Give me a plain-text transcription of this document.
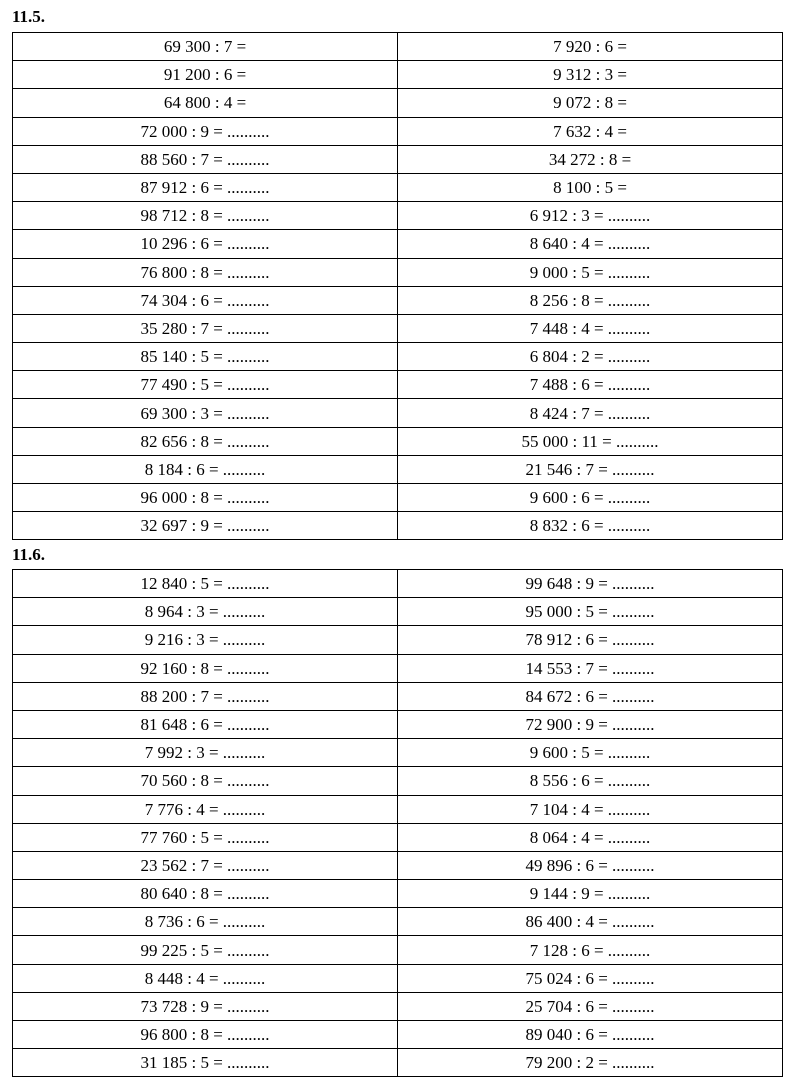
11.5.
69 300 : 7 =	7 920 : 6 =
91 200 : 6 =	9 312 : 3 =
64 800 : 4 =	9 072 : 8 =
72 000 : 9 = ..........	7 632 : 4 =
88 560 : 7 = ..........	34 272 : 8 =
87 912 : 6 = ..........	8 100 : 5 =
98 712 : 8 = ..........	6 912 : 3 = ..........
10 296 : 6 = ..........	8 640 : 4 = ..........
76 800 : 8 = ..........	9 000 : 5 = ..........
74 304 : 6 = ..........	8 256 : 8 = ..........
35 280 : 7 = ..........	7 448 : 4 = ..........
85 140 : 5 = ..........	6 804 : 2 = ..........
77 490 : 5 = ..........	7 488 : 6 = ..........
69 300 : 3 = ..........	8 424 : 7 = ..........
82 656 : 8 = ..........	55 000 : 11 = ..........
8 184 : 6 = ..........	21 546 : 7 = ..........
96 000 : 8 = ..........	9 600 : 6 = ..........
32 697 : 9 = ..........	8 832 : 6 = ..........
11.6.
12 840 : 5 = ..........	99 648 : 9 = ..........
8 964 : 3 = ..........	95 000 : 5 = ..........
9 216 : 3 = ..........	78 912 : 6 = ..........
92 160 : 8 = ..........	14 553 : 7 = ..........
88 200 : 7 = ..........	84 672 : 6 = ..........
81 648 : 6 = ..........	72 900 : 9 = ..........
7 992 : 3 = ..........	9 600 : 5 = ..........
70 560 : 8 = ..........	8 556 : 6 = ..........
7 776 : 4 = ..........	7 104 : 4 = ..........
77 760 : 5 = ..........	8 064 : 4 = ..........
23 562 : 7 = ..........	49 896 : 6 = ..........
80 640 : 8 = ..........	9 144 : 9 = ..........
8 736 : 6 = ..........	86 400 : 4 = ..........
99 225 : 5 = ..........	7 128 : 6 = ..........
8 448 : 4 = ..........	75 024 : 6 = ..........
73 728 : 9 = ..........	25 704 : 6 = ..........
96 800 : 8 = ..........	89 040 : 6 = ..........
31 185 : 5 = ..........	79 200 : 2 = ..........
